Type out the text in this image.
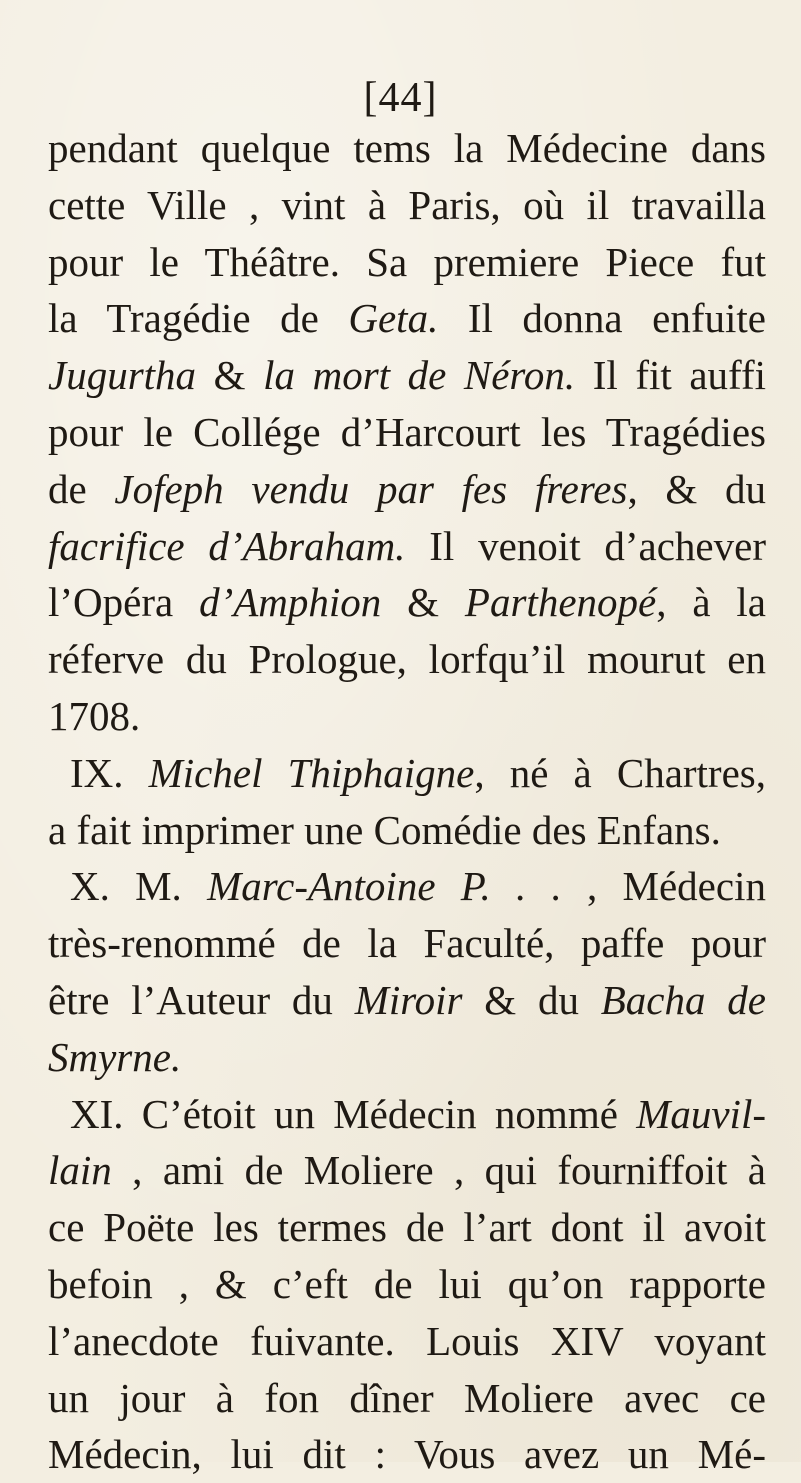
[44]
pendant quelque tems la Médecine dans
cette Ville , vint à Paris, où il travailla
pour le Théâtre. Sa premiere Piece fut
la Tragédie de Geta. Il donna enfuite
Jugurtha & la mort de Néron. Il fit auffi
pour le Collége d’Harcourt les Tragédies
de Jofeph vendu par fes freres, & du
facrifice d’Abraham. Il venoit d’achever
l’Opéra d’Amphion & Parthenopé, à la
réferve du Prologue, lorfqu’il mourut en
1708.
IX. Michel Thiphaigne, né à Chartres,
a fait imprimer une Comédie des Enfans.
X. M. Marc-Antoine P. . . , Médecin
très-renommé de la Faculté, paffe pour
être l’Auteur du Miroir & du Bacha de
Smyrne.
XI. C’étoit un Médecin nommé Mauvil-
lain , ami de Moliere , qui fourniffoit à
ce Poëte les termes de l’art dont il avoit
befoin , & c’eft de lui qu’on rapporte
l’anecdote fuivante. Louis XIV voyant
un jour à fon dîner Moliere avec ce
Médecin, lui dit : Vous avez un Mé-
